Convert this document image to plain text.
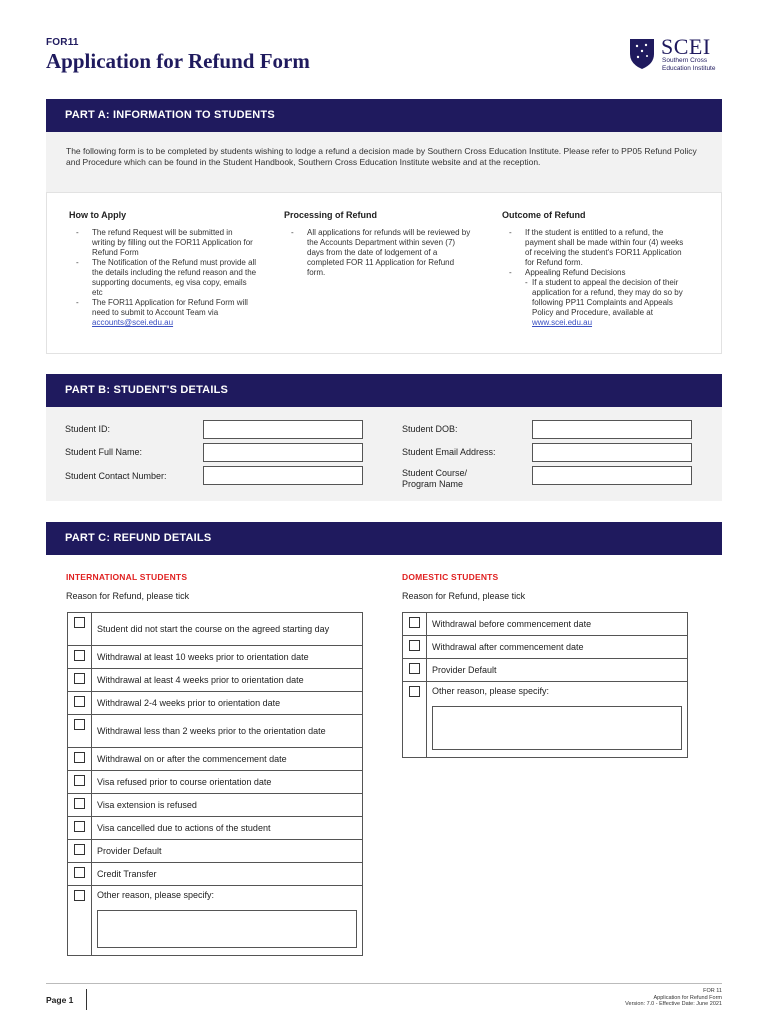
FOR11
Application for Refund Form
SCEI
Southern Cross
Education Institute
PART A: INFORMATION TO STUDENTS
The following form is to be completed by students wishing to lodge a refund a decision made by Southern Cross Education Institute. Please refer to PP05 Refund Policy and Procedure which can be found in the Student Handbook, Southern Cross Education Institute website and at the reception.
How to Apply
- The refund Request will be submitted in writing by filling out the FOR11 Application for Refund Form
- The Notification of the Refund must provide all the details including the refund reason and the supporting documents, eg visa copy, emails etc
- The FOR11 Application for Refund Form will need to submit to Account Team via accounts@scei.edu.au
Processing of Refund
- All applications for refunds will be reviewed by the Accounts Department within seven (7) days from the date of lodgement of a completed FOR 11 Application for Refund form.
Outcome of Refund
- If the student is entitled to a refund, the payment shall be made within four (4) weeks of receiving the student's FOR11 Application for Refund form.
- Appealing Refund Decisions
- If a student to appeal the decision of their application for a refund, they may do so by following PP11 Complaints and Appeals Policy and Procedure, available at www.scei.edu.au
PART B: STUDENT'S DETAILS
Student ID:
Student Full Name:
Student Contact Number:
Student DOB:
Student Email Address:
Student Course/
Program Name
PART C: REFUND DETAILS
INTERNATIONAL STUDENTS
Reason for Refund, please tick
	Student did not start the course on the agreed starting day
	Withdrawal at least 10 weeks prior to orientation date
	Withdrawal at least 4 weeks prior to orientation date
	Withdrawal 2-4 weeks prior to orientation date
	Withdrawal less than 2 weeks prior to the orientation date
	Withdrawal on or after the commencement date
	Visa refused prior to course orientation date
	Visa extension is refused
	Visa cancelled due to actions of the student
	Provider Default
	Credit Transfer

	Other reason, please specify:
DOMESTIC STUDENTS
Reason for Refund, please tick
	Withdrawal before commencement date
	Withdrawal after commencement date
	Provider Default

	Other reason, please specify:
Page 1
FOR 11
Application for Refund Form
Version: 7.0 - Effective Date: June 2021
